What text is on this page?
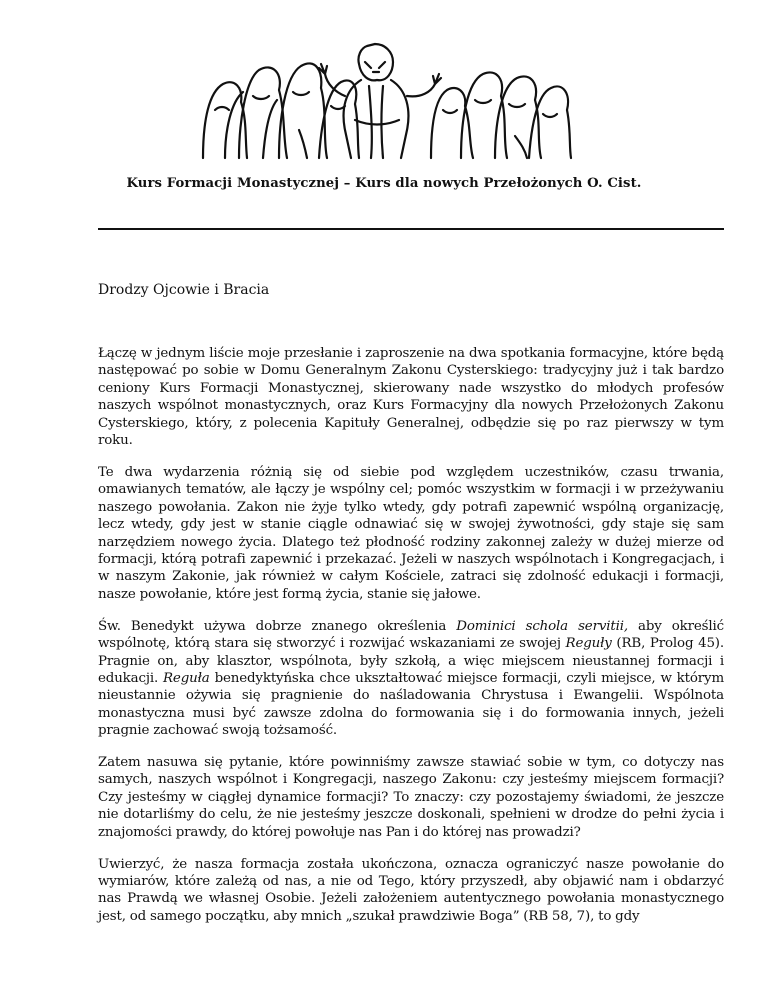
Kurs Formacji Monastycznej – Kurs dla nowych Przełożonych O. Cist.

Drodzy Ojcowie i Bracia

Łączę w jednym liście moje przesłanie i zaproszenie na dwa spotkania formacyjne, które będą następować po sobie w Domu Generalnym Zakonu Cysterskiego: tradycyjny już i tak bardzo ceniony Kurs Formacji Monastycznej, skierowany nade wszystko do młodych profesów naszych wspólnot monastycznych, oraz Kurs Formacyjny dla nowych Przełożonych Zakonu Cysterskiego, który, z polecenia Kapituły Generalnej, odbędzie się po raz pierwszy w tym roku.

Te dwa wydarzenia różnią się od siebie pod względem uczestników, czasu trwania, omawianych tematów, ale łączy je wspólny cel; pomóc wszystkim w formacji i w przeżywaniu naszego powołania. Zakon nie żyje tylko wtedy, gdy potrafi zapewnić wspólną organizację, lecz wtedy, gdy jest w stanie ciągle odnawiać się w swojej żywotności, gdy staje się sam narzędziem nowego życia. Dlatego też płodność rodziny zakonnej zależy w dużej mierze od formacji, którą potrafi zapewnić i przekazać. Jeżeli w naszych wspólnotach i Kongregacjach, i w naszym Zakonie, jak również w całym Kościele, zatraci się zdolność edukacji i formacji, nasze powołanie, które jest formą życia, stanie się jałowe.

Św. Benedykt używa dobrze znanego określenia Dominici schola servitii, aby określić wspólnotę, którą stara się stworzyć i rozwijać wskazaniami ze swojej Reguły (RB, Prolog 45). Pragnie on, aby klasztor, wspólnota, były szkołą, a więc miejscem nieustannej formacji i edukacji. Reguła benedyktyńska chce ukształtować miejsce formacji, czyli miejsce, w którym nieustannie ożywia się pragnienie do naśladowania Chrystusa i Ewangelii. Wspólnota monastyczna musi być zawsze zdolna do formowania się i do formowania innych, jeżeli pragnie zachować swoją tożsamość.

Zatem nasuwa się pytanie, które powinniśmy zawsze stawiać sobie w tym, co dotyczy nas samych, naszych wspólnot i Kongregacji, naszego Zakonu: czy jesteśmy miejscem formacji? Czy jesteśmy w ciągłej dynamice formacji? To znaczy: czy pozostajemy świadomi, że jeszcze nie dotarliśmy do celu, że nie jesteśmy jeszcze doskonali, spełnieni w drodze do pełni życia i znajomości prawdy, do której powołuje nas Pan i do której nas prowadzi?

Uwierzyć, że nasza formacja została ukończona, oznacza ograniczyć nasze powołanie do wymiarów, które zależą od nas, a nie od Tego, który przyszedł, aby objawić nam i obdarzyć nas Prawdą we własnej Osobie. Jeżeli założeniem autentycznego powołania monastycznego jest, od samego początku, aby mnich „szukał prawdziwie Boga” (RB 58, 7), to gdy
